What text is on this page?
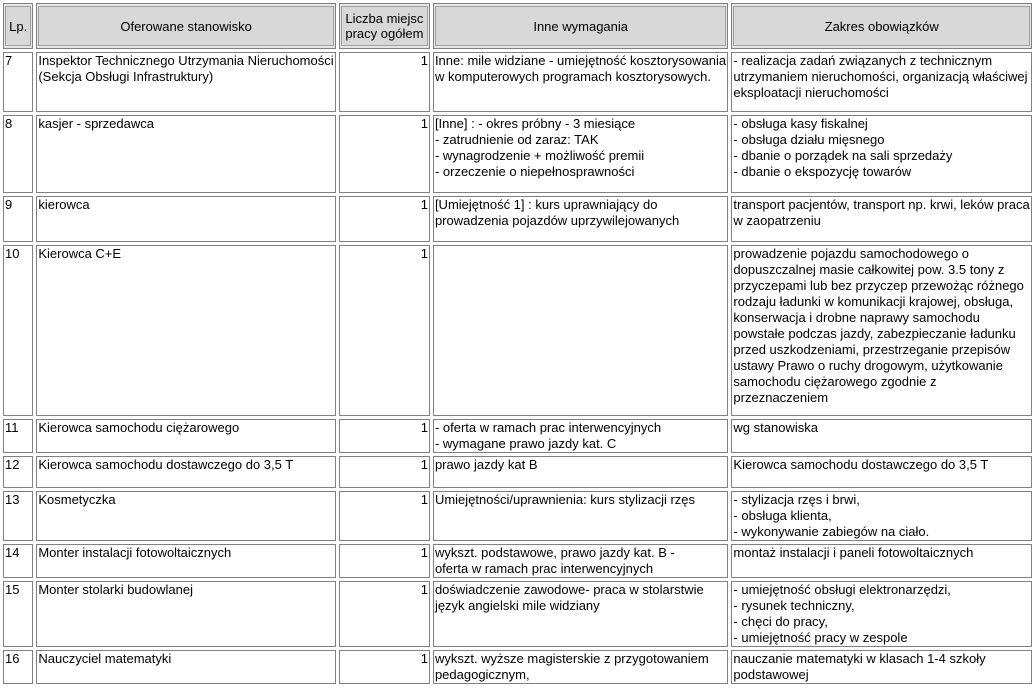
Lp.	Oferowane stanowisko	Liczba miejsc pracy ogółem	Inne wymagania	Zakres obowiązków

7	Inspektor Technicznego Utrzymania Nieruchomości (Sekcja Obsługi Infrastruktury)	1	Inne: mile widziane - umiejętność kosztorysowania w komputerowych programach kosztorysowych.	- realizacja zadań związanych z technicznym utrzymaniem nieruchomości, organizacją właściwej eksploatacji nieruchomości

8	kasjer - sprzedawca	1	[Inne] : - okres próbny - 3 miesiące
- zatrudnienie od zaraz: TAK
- wynagrodzenie + możliwość premii
- orzeczenie o niepełnosprawności	- obsługa kasy fiskalnej
- obsługa działu mięsnego
- dbanie o porządek na sali sprzedaży
- dbanie o ekspozycję towarów

9	kierowca	1	[Umiejętność 1] : kurs uprawniający do prowadzenia pojazdów uprzywilejowanych	transport pacjentów, transport np. krwi, leków praca w zaopatrzeniu

10	Kierowca C+E	1		prowadzenie pojazdu samochodowego o dopuszczalnej masie całkowitej pow. 3.5 tony z przyczepami lub bez przyczep przewożąc różnego rodzaju ładunki w komunikacji krajowej, obsługa, konserwacja i drobne naprawy samochodu powstałe podczas jazdy, zabezpieczanie ładunku przed uszkodzeniami, przestrzeganie przepisów ustawy Prawo o ruchy drogowym, użytkowanie samochodu ciężarowego zgodnie z przeznaczeniem

11	Kierowca samochodu ciężarowego	1	- oferta w ramach prac interwencyjnych
- wymagane prawo jazdy kat. C	wg stanowiska

12	Kierowca samochodu dostawczego do 3,5 T	1	prawo jazdy kat B	Kierowca samochodu dostawczego do 3,5 T

13	Kosmetyczka	1	Umiejętności/uprawnienia: kurs stylizacji rzęs	- stylizacja rzęs i brwi,
- obsługa klienta,
- wykonywanie zabiegów na ciało.

14	Monter instalacji fotowoltaicznych	1	wykszt. podstawowe, prawo jazdy kat. B -
oferta w ramach prac interwencyjnych	montaż instalacji i paneli fotowoltaicznych

15	Monter stolarki budowlanej	1	doświadczenie zawodowe- praca w stolarstwie
język angielski mile widziany	- umiejętność obsługi elektronarzędzi,
- rysunek techniczny,
- chęci do pracy,
- umiejętność pracy w zespole

16	Nauczyciel matematyki	1	wykszt. wyższe magisterskie z przygotowaniem pedagogicznym,	nauczanie matematyki w klasach 1-4 szkoły podstawowej
